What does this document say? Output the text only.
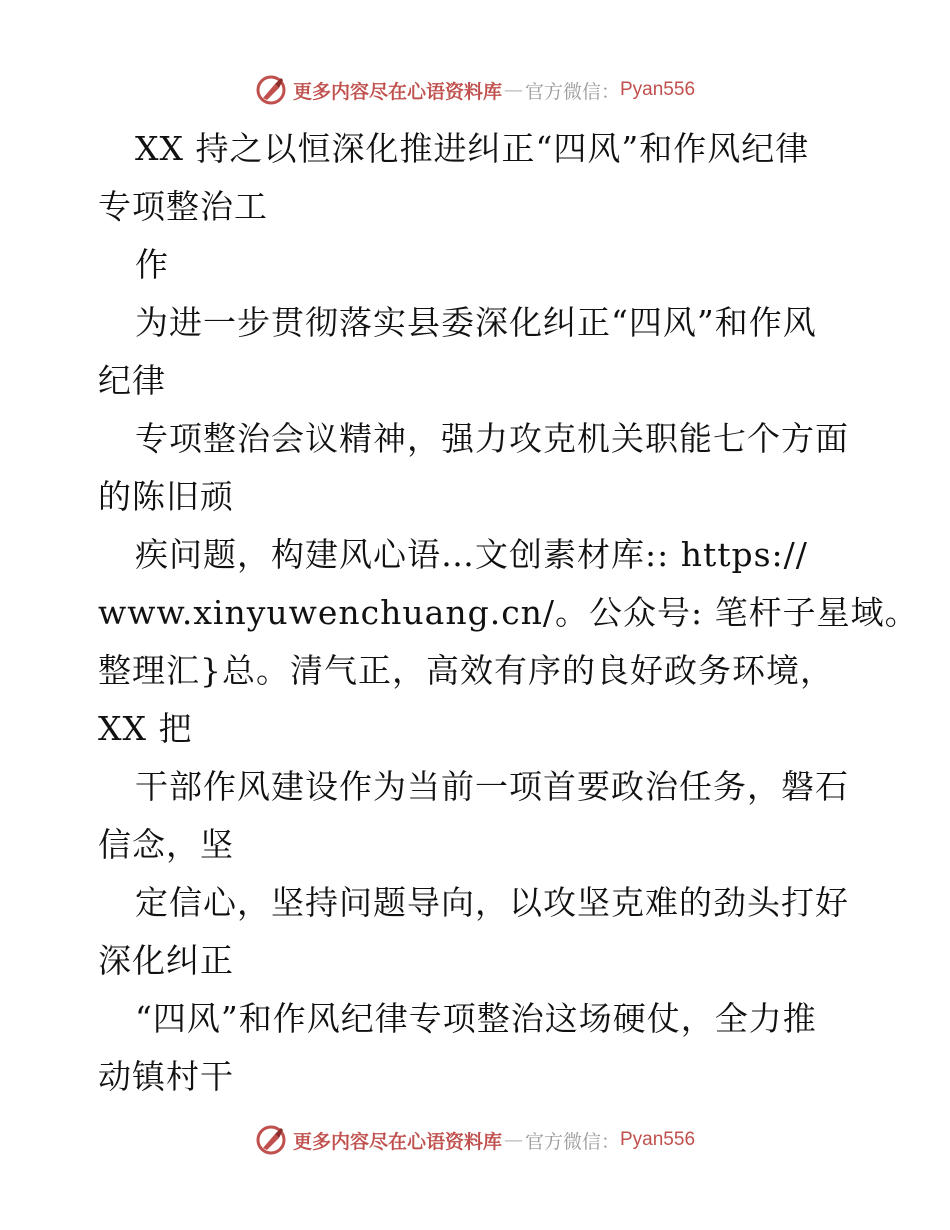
更多内容尽在心语资料库 — 官方微信： Pyan556
XX 持之以恒深化推进纠正“四风”和作风纪律
专项整治工
作
为进一步贯彻落实县委深化纠正“四风”和作风
纪律
专项整治会议精神，强力攻克机关职能七个方面
的陈旧顽
疾问题，构建风心语…文创素材库:: https://
www.xinyuwenchuang.cn/。公众号: 笔杆子星域。
整理汇}总。清气正，高效有序的良好政务环境，
XX 把
干部作风建设作为当前一项首要政治任务，磐石
信念，坚
定信心，坚持问题导向，以攻坚克难的劲头打好
深化纠正
“四风”和作风纪律专项整治这场硬仗，全力推
动镇村干
更多内容尽在心语资料库 — 官方微信： Pyan556
